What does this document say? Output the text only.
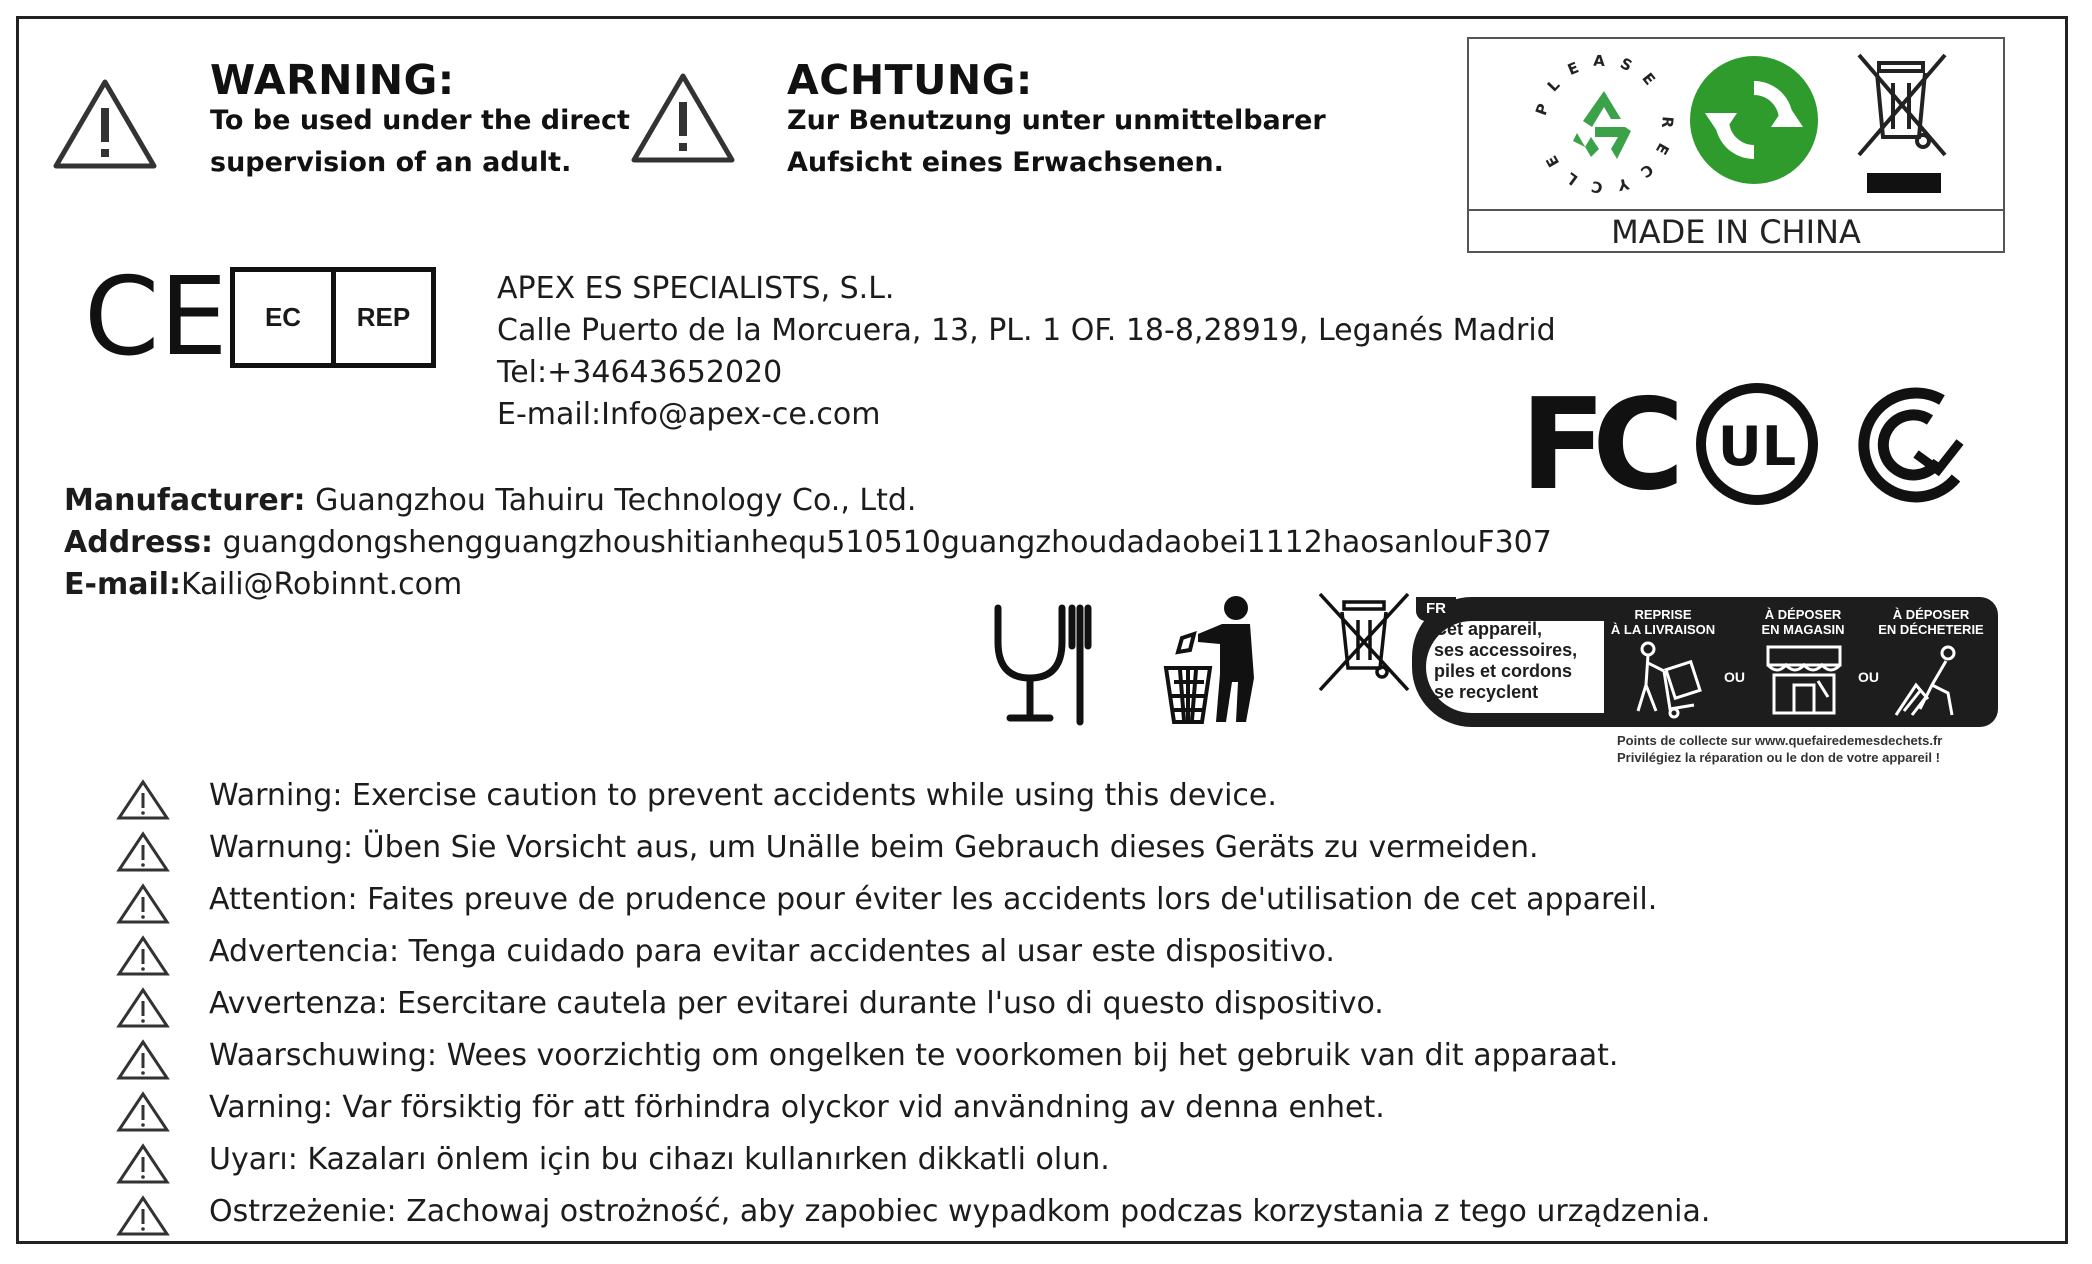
WARNING:
To be used under the direct
supervision of an adult.
ACHTUNG:
Zur Benutzung unter unmittelbarer
Aufsicht eines Erwachsenen.
PLEASE RECYCLE
MADE IN CHINA
CE	EC	REP
APEX ES SPECIALISTS, S.L.
Calle Puerto de la Morcuera, 13, PL. 1 OF. 18-8,28919, Leganés Madrid
Tel:+34643652020
E-mail:Info@apex-ce.com	FC UL
Manufacturer: Guangzhou Tahuiru Technology Co., Ltd.
Address: guangdongshengguangzhoushitianhequ510510guangzhoudadaobei1112haosanlouF307
E-mail:Kaili@Robinnt.com
FR
Cet appareil,
ses accessoires,
piles et cordons
se recyclent
REPRISE
À LA LIVRAISON
OU
À DÉPOSER
EN MAGASIN
OU
À DÉPOSER
EN DÉCHETERIE
Points de collecte sur www.quefairedemesdechets.fr
Privilégiez la réparation ou le don de votre appareil !
Warning: Exercise caution to prevent accidents while using this device.
Warnung: Üben Sie Vorsicht aus, um Unälle beim Gebrauch dieses Geräts zu vermeiden.
Attention: Faites preuve de prudence pour éviter les accidents lors de'utilisation de cet appareil.
Advertencia: Tenga cuidado para evitar accidentes al usar este dispositivo.
Avvertenza: Esercitare cautela per evitarei durante l'uso di questo dispositivo.
Waarschuwing: Wees voorzichtig om ongelken te voorkomen bij het gebruik van dit apparaat.
Varning: Var försiktig för att förhindra olyckor vid användning av denna enhet.
Uyarı: Kazaları önlem için bu cihazı kullanırken dikkatli olun.
Ostrzeżenie: Zachowaj ostrożność, aby zapobiec wypadkom podczas korzystania z tego urządzenia.
